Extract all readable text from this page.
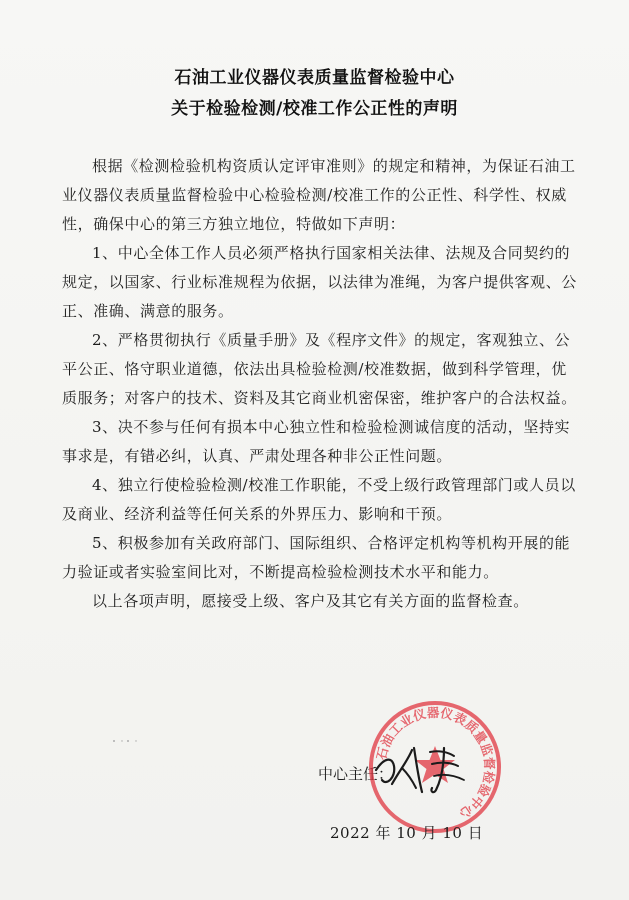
石油工业仪器仪表质量监督检验中心
关于检验检测/校准工作公正性的声明

根据《检测检验机构资质认定评审准则》的规定和精神，为保证石油工业仪器仪表质量监督检验中心检验检测/校准工作的公正性、科学性、权威性，确保中心的第三方独立地位，特做如下声明：

1、中心全体工作人员必须严格执行国家相关法律、法规及合同契约的规定，以国家、行业标准规程为依据，以法律为准绳，为客户提供客观、公正、准确、满意的服务。

2、严格贯彻执行《质量手册》及《程序文件》的规定，客观独立、公平公正、恪守职业道德，依法出具检验检测/校准数据，做到科学管理，优质服务；对客户的技术、资料及其它商业机密保密，维护客户的合法权益。

3、决不参与任何有损本中心独立性和检验检测诚信度的活动，坚持实事求是，有错必纠，认真、严肃处理各种非公正性问题。

4、独立行使检验检测/校准工作职能，不受上级行政管理部门或人员以及商业、经济利益等任何关系的外界压力、影响和干预。

5、积极参加有关政府部门、国际组织、合格评定机构等机构开展的能力验证或者实验室间比对，不断提高检验检测技术水平和能力。

以上各项声明，愿接受上级、客户及其它有关方面的监督检查。

中心主任：
石油工业仪器仪表质量监督检验中心
2022 年 10 月 10 日
